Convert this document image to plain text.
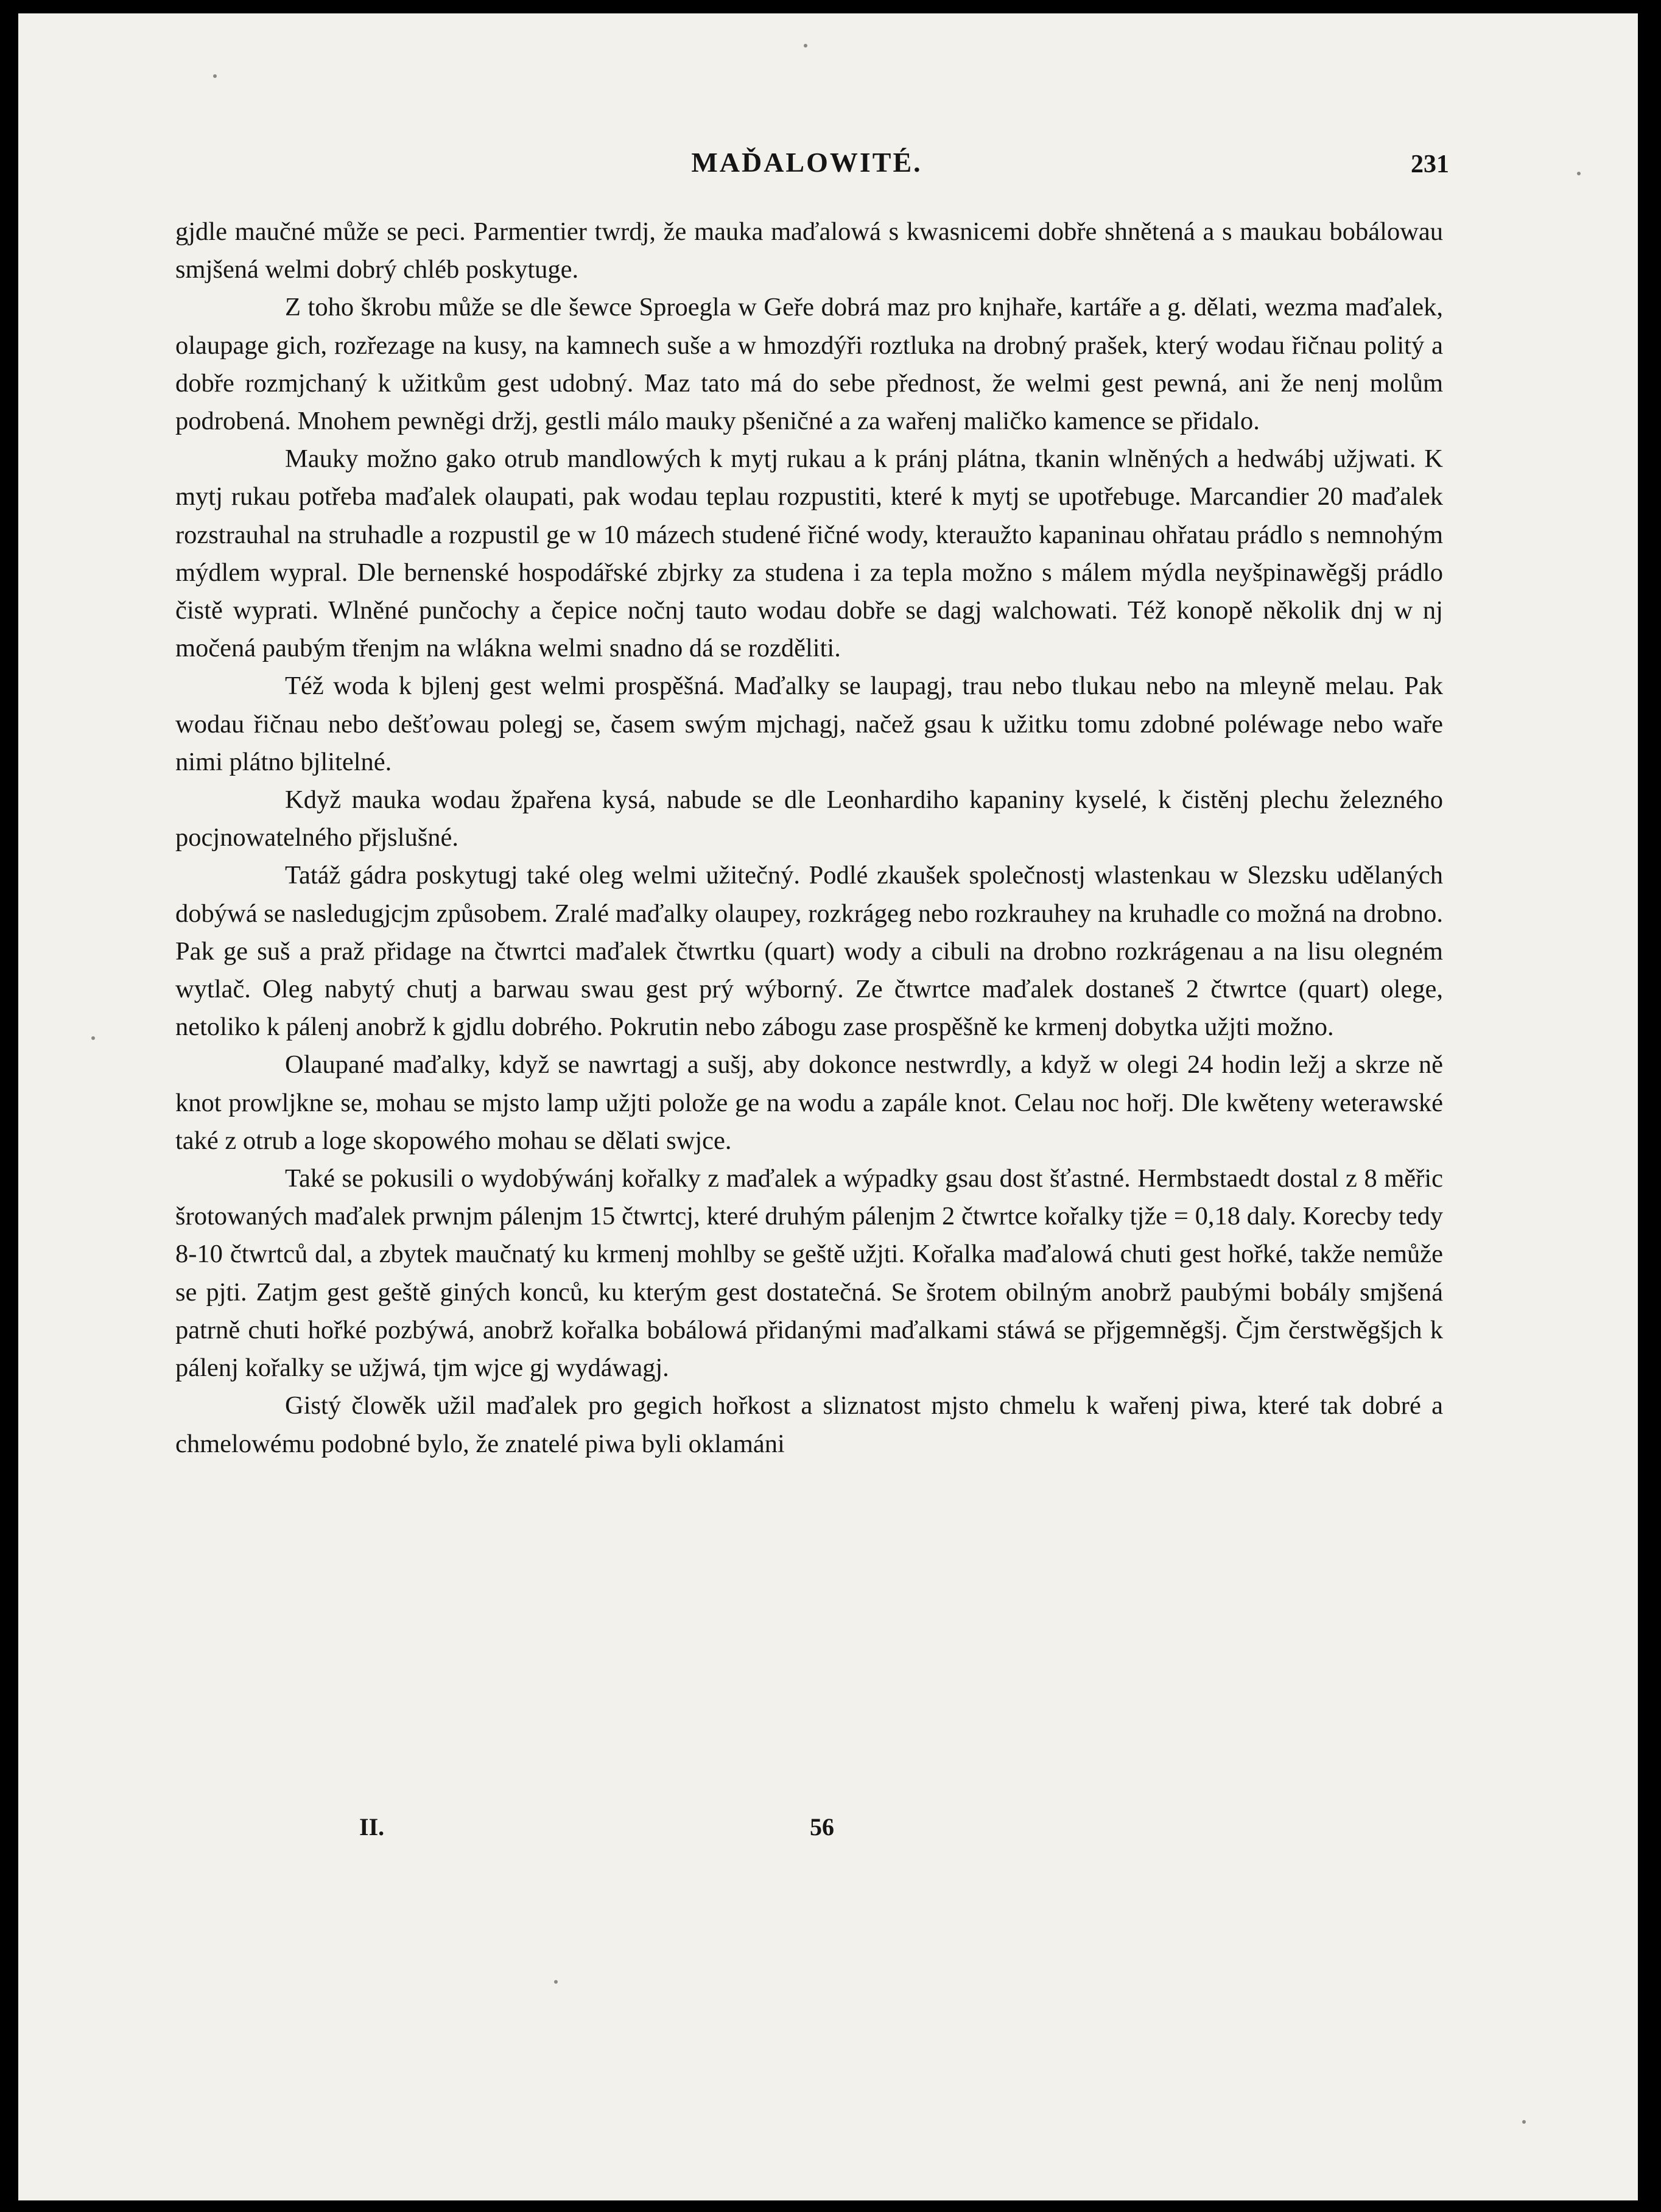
MAĎALOWITÉ.	231

gjdle maučné může se peci. Parmentier twrdj, že mauka maďalowá s kwasnicemi dobře shnětená a s maukau bobálowau smjšená welmi dobrý chléb poskytuge.

Z toho škrobu může se dle šewce Sproegla w Geře dobrá maz pro knjhaře, kartáře a g. dělati, wezma maďalek, olaupage gich, rozřezage na kusy, na kamnech suše a w hmozdýři roztluka na drobný prašek, který wodau řičnau politý a dobře rozmjchaný k užitkům gest udobný. Maz tato má do sebe přednost, že welmi gest pewná, ani že nenj molům podrobená. Mnohem pewněgi držj, gestli málo mauky pšeničné a za wařenj maličko kamence se přidalo.

Mauky možno gako otrub mandlowých k mytj rukau a k pránj plátna, tkanin wlněných a hedwábj užjwati. K mytj rukau potřeba maďalek olaupati, pak wodau teplau rozpustiti, které k mytj se upotřebuge. Marcandier 20 maďalek rozstrauhal na struhadle a rozpustil ge w 10 mázech studené řičné wody, kteraužto kapaninau ohřatau prádlo s nemnohým mýdlem wypral. Dle bernenské hospodářské zbjrky za studena i za tepla možno s málem mýdla neyšpinawěgšj prádlo čistě wyprati. Wlněné punčochy a čepice nočnj tauto wodau dobře se dagj walchowati. Též konopě několik dnj w nj močená paubým třenjm na wlákna welmi snadno dá se rozděliti.

Též woda k bjlenj gest welmi prospěšná. Maďalky se laupagj, trau nebo tlukau nebo na mleyně melau. Pak wodau řičnau nebo dešťowau polegj se, časem swým mjchagj, načež gsau k užitku tomu zdobné poléwage nebo waře nimi plátno bjlitelné.

Když mauka wodau žpařena kysá, nabude se dle Leonhardiho kapaniny kyselé, k čistěnj plechu železného pocjnowatelného přjslušné.

Tatáž gádra poskytugj také oleg welmi užitečný. Podlé zkaušek společnostj wlastenkau w Slezsku udělaných dobýwá se nasledugjcjm způsobem. Zralé maďalky olaupey, rozkrágeg nebo rozkrauhey na kruhadle co možná na drobno. Pak ge suš a praž přidage na čtwrtci maďalek čtwrtku (quart) wody a cibuli na drobno rozkrágenau a na lisu olegném wytlač. Oleg nabytý chutj a barwau swau gest prý wýborný. Ze čtwrtce maďalek dostaneš 2 čtwrtce (quart) olege, netoliko k pálenj anobrž k gjdlu dobrého. Pokrutin nebo zábogu zase prospěšně ke krmenj dobytka užjti možno.

Olaupané maďalky, když se nawrtagj a sušj, aby dokonce nestwrdly, a když w olegi 24 hodin ležj a skrze ně knot prowljkne se, mohau se mjsto lamp užjti polože ge na wodu a zapále knot. Celau noc hořj. Dle kwěteny weterawské také z otrub a loge skopowého mohau se dělati swjce.

Také se pokusili o wydobýwánj kořalky z maďalek a wýpadky gsau dost šťastné. Hermbstaedt dostal z 8 měřic šrotowaných maďalek prwnjm pálenjm 15 čtwrtcj, které druhým pálenjm 2 čtwrtce kořalky tjže = 0,18 daly. Korecby tedy 8-10 čtwrtců dal, a zbytek maučnatý ku krmenj mohlby se geště užjti. Kořalka maďalowá chuti gest hořké, takže nemůže se pjti. Zatjm gest geště giných konců, ku kterým gest dostatečná. Se šrotem obilným anobrž paubými bobály smjšená patrně chuti hořké pozbýwá, anobrž kořalka bobálowá přidanými maďalkami stáwá se přjgemněgšj. Čjm čerstwěgšjch k pálenj kořalky se užjwá, tjm wjce gj wydáwagj.

Gistý člowěk užil maďalek pro gegich hořkost a sliznatost mjsto chmelu k wařenj piwa, které tak dobré a chmelowému podobné bylo, že znatelé piwa byli oklamáni

II.	56
